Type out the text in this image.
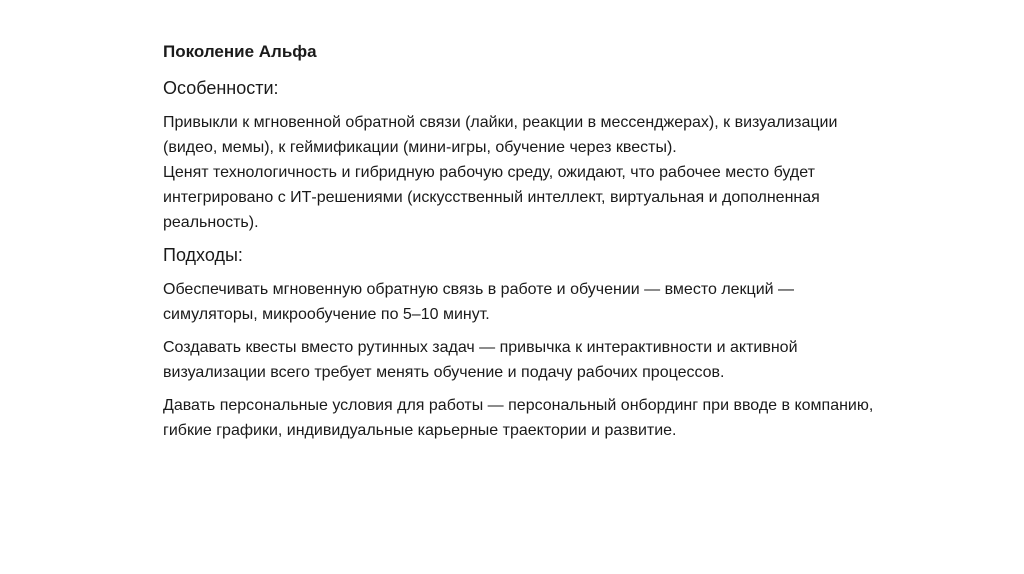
Поколение Альфа
Особенности:
Привыкли к мгновенной обратной связи (лайки, реакции в мессенджерах), к визуализации (видео, мемы), к геймификации (мини-игры, обучение через квесты).
Ценят технологичность и гибридную рабочую среду, ожидают, что рабочее место будет интегрировано с ИТ-решениями (искусственный интеллект, виртуальная и дополненная реальность).
Подходы:
Обеспечивать мгновенную обратную связь в работе и обучении — вместо лекций — симуляторы, микрообучение по 5–10 минут.
Создавать квесты вместо рутинных задач — привычка к интерактивности и активной визуализации всего требует менять обучение и подачу рабочих процессов.
Давать персональные условия для работы — персональный онбординг при вводе в компанию, гибкие графики, индивидуальные карьерные траектории и развитие.
